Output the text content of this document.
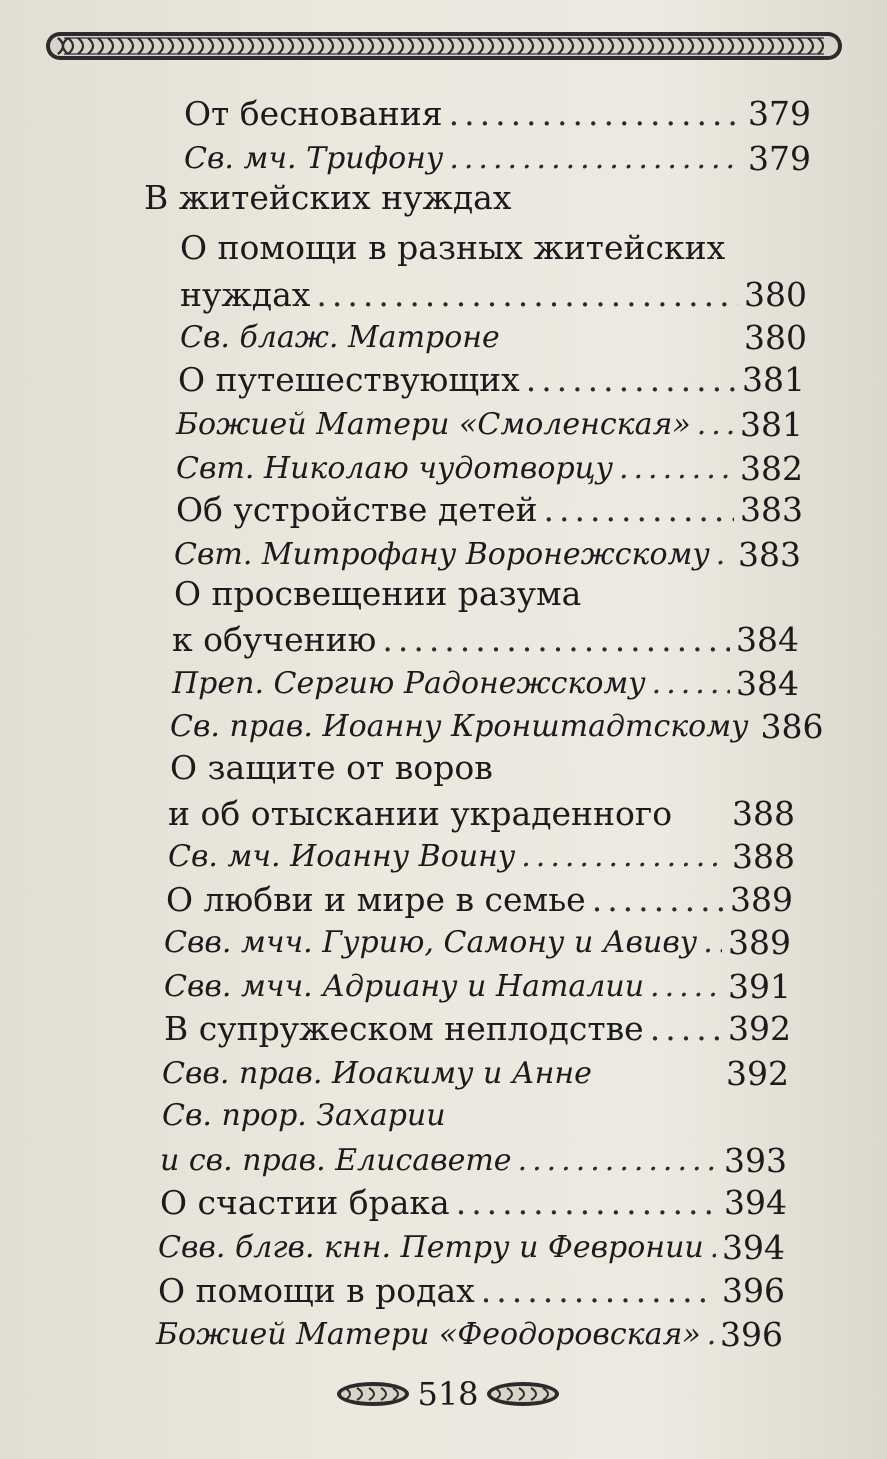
От беснования .....	379
Св. мч. Трифону .....	379
В житейских нуждах
О помощи в разных житейских
нуждах .....	380
Св. блаж. Матроне	380
О путешествующих .....	381
Божией Матери «Смоленская» ..... 381
Свт. Николаю чудотворцу .....	382
Об устройстве детей .....	383
Свт. Митрофану Воронежскому ..... 383
О просвещении разума
к обучению .....	384
Преп. Сергию Радонежскому .....	384
Св. прав. Иоанну Кронштадтскому 386
О защите от воров
и об отыскании украденного 388
Св. мч. Иоанну Воину .....	388
О любви и мире в семье .....	389
Свв. мчч. Гурию, Самону и Авиву ..... 389
Свв. мчч. Адриану и Наталии .....	391
В супружеском неплодстве .....	392
Свв. прав. Иоакиму и Анне	392
Св. прор. Захарии
и св. прав. Елисавете .....	393
О счастии брака .....	394
Свв. блгв. кнн. Петру и Февронии ..... 394
О помощи в родах .....	396
Божией Матери «Феодоровская» ..... 396
518
